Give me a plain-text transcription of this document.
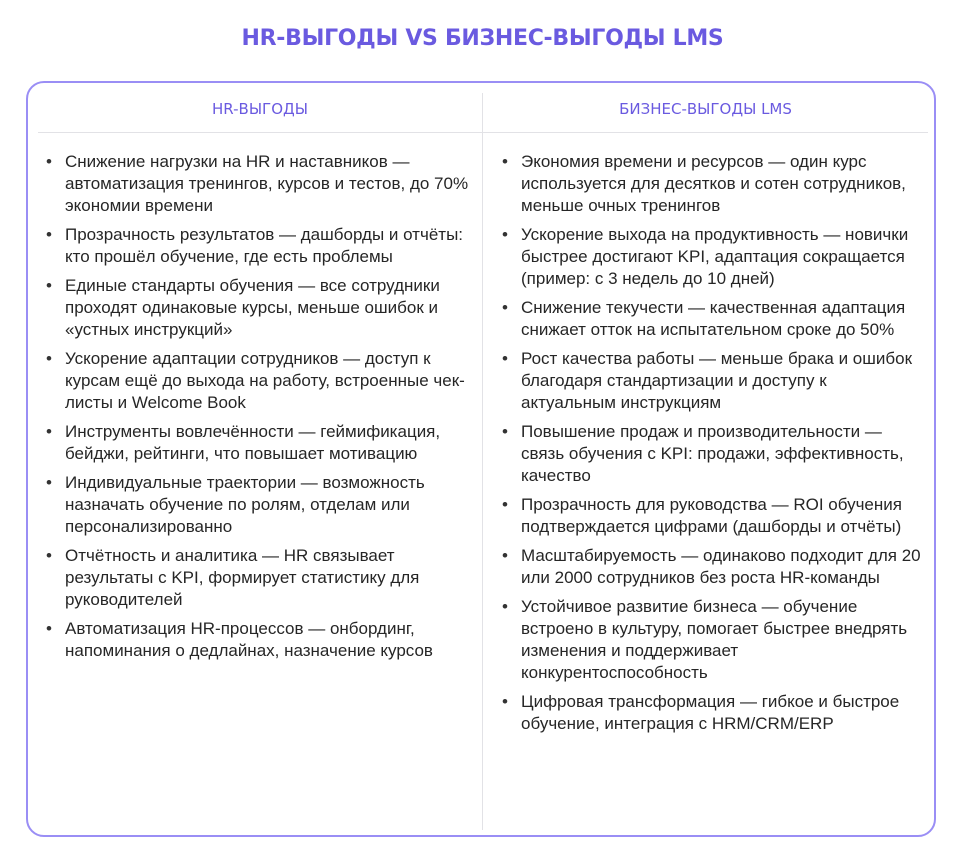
HR-ВЫГОДЫ VS БИЗНЕС-ВЫГОДЫ LMS
HR-ВЫГОДЫ	БИЗНЕС-ВЫГОДЫ LMS
• Снижение нагрузки на HR и наставников — автоматизация тренингов, курсов и тестов, до 70% экономии времени
• Прозрачность результатов — дашборды и отчёты: кто прошёл обучение, где есть проблемы
• Единые стандарты обучения — все сотрудники проходят одинаковые курсы, меньше ошибок и «устных инструкций»
• Ускорение адаптации сотрудников — доступ к курсам ещё до выхода на работу, встроенные чек-листы и Welcome Book
• Инструменты вовлечённости — геймификация, бейджи, рейтинги, что повышает мотивацию
• Индивидуальные траектории — возможность назначать обучение по ролям, отделам или персонализированно
• Отчётность и аналитика — HR связывает результаты с KPI, формирует статистику для руководителей
• Автоматизация HR-процессов — онбординг, напоминания о дедлайнах, назначение курсов
• Экономия времени и ресурсов — один курс используется для десятков и сотен сотрудников, меньше очных тренингов
• Ускорение выхода на продуктивность — новички быстрее достигают KPI, адаптация сокращается (пример: с 3 недель до 10 дней)
• Снижение текучести — качественная адаптация снижает отток на испытательном сроке до 50%
• Рост качества работы — меньше брака и ошибок благодаря стандартизации и доступу к актуальным инструкциям
• Повышение продаж и производительности — связь обучения с KPI: продажи, эффективность, качество
• Прозрачность для руководства — ROI обучения подтверждается цифрами (дашборды и отчёты)
• Масштабируемость — одинаково подходит для 20 или 2000 сотрудников без роста HR-команды
• Устойчивое развитие бизнеса — обучение встроено в культуру, помогает быстрее внедрять изменения и поддерживает конкурентоспособность
• Цифровая трансформация — гибкое и быстрое обучение, интеграция с HRM/CRM/ERP
